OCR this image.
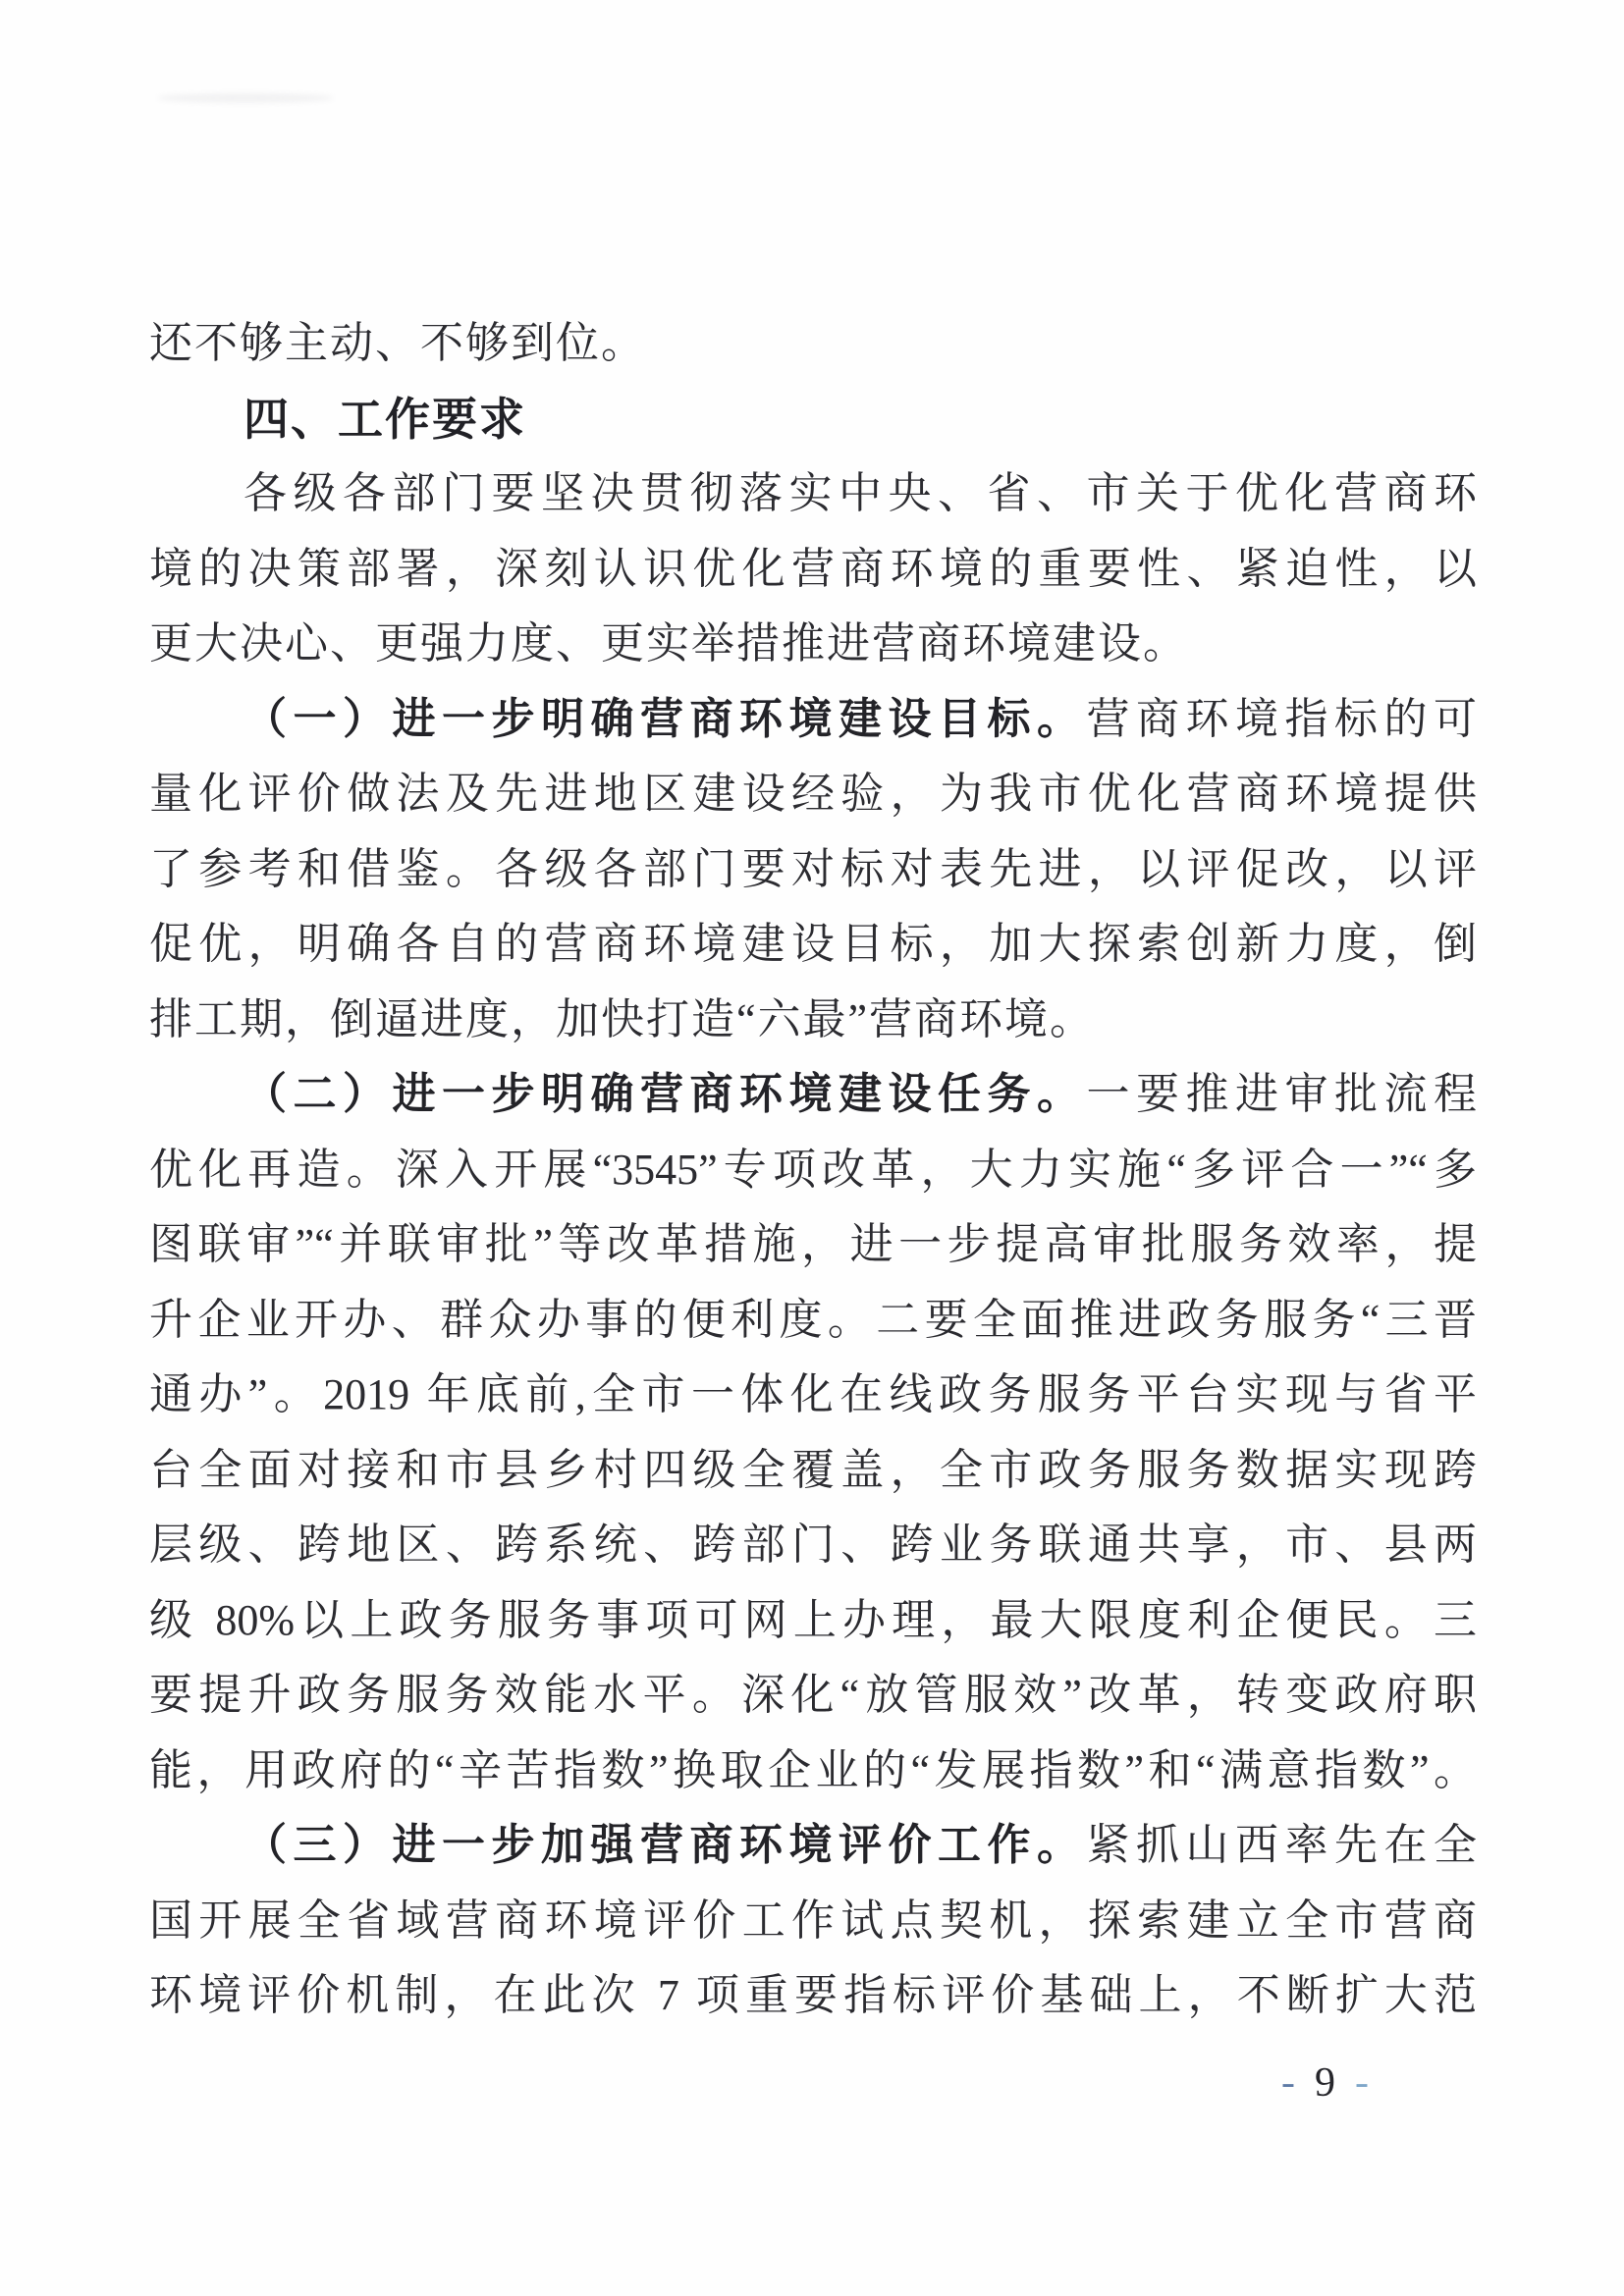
还不够主动、不够到位。
四、工作要求
各级各部门要坚决贯彻落实中央、省、市关于优化营商环
境的决策部署，深刻认识优化营商环境的重要性、紧迫性，以
更大决心、更强力度、更实举措推进营商环境建设。
（一）进一步明确营商环境建设目标。营商环境指标的可
量化评价做法及先进地区建设经验，为我市优化营商环境提供
了参考和借鉴。各级各部门要对标对表先进，以评促改，以评
促优，明确各自的营商环境建设目标，加大探索创新力度，倒
排工期，倒逼进度，加快打造“六最”营商环境。
（二）进一步明确营商环境建设任务。一要推进审批流程
优化再造。深入开展“3545”专项改革，大力实施“多评合一”“多
图联审”“并联审批”等改革措施，进一步提高审批服务效率，提
升企业开办、群众办事的便利度。二要全面推进政务服务“三晋
通办”。2019 年底前,全市一体化在线政务服务平台实现与省平
台全面对接和市县乡村四级全覆盖，全市政务服务数据实现跨
层级、跨地区、跨系统、跨部门、跨业务联通共享，市、县两
级 80%以上政务服务事项可网上办理，最大限度利企便民。三
要提升政务服务效能水平。深化“放管服效”改革，转变政府职
能，用政府的“辛苦指数”换取企业的“发展指数”和“满意指数”。
（三）进一步加强营商环境评价工作。紧抓山西率先在全
国开展全省域营商环境评价工作试点契机，探索建立全市营商
环境评价机制，在此次 7 项重要指标评价基础上，不断扩大范
- 9 -
